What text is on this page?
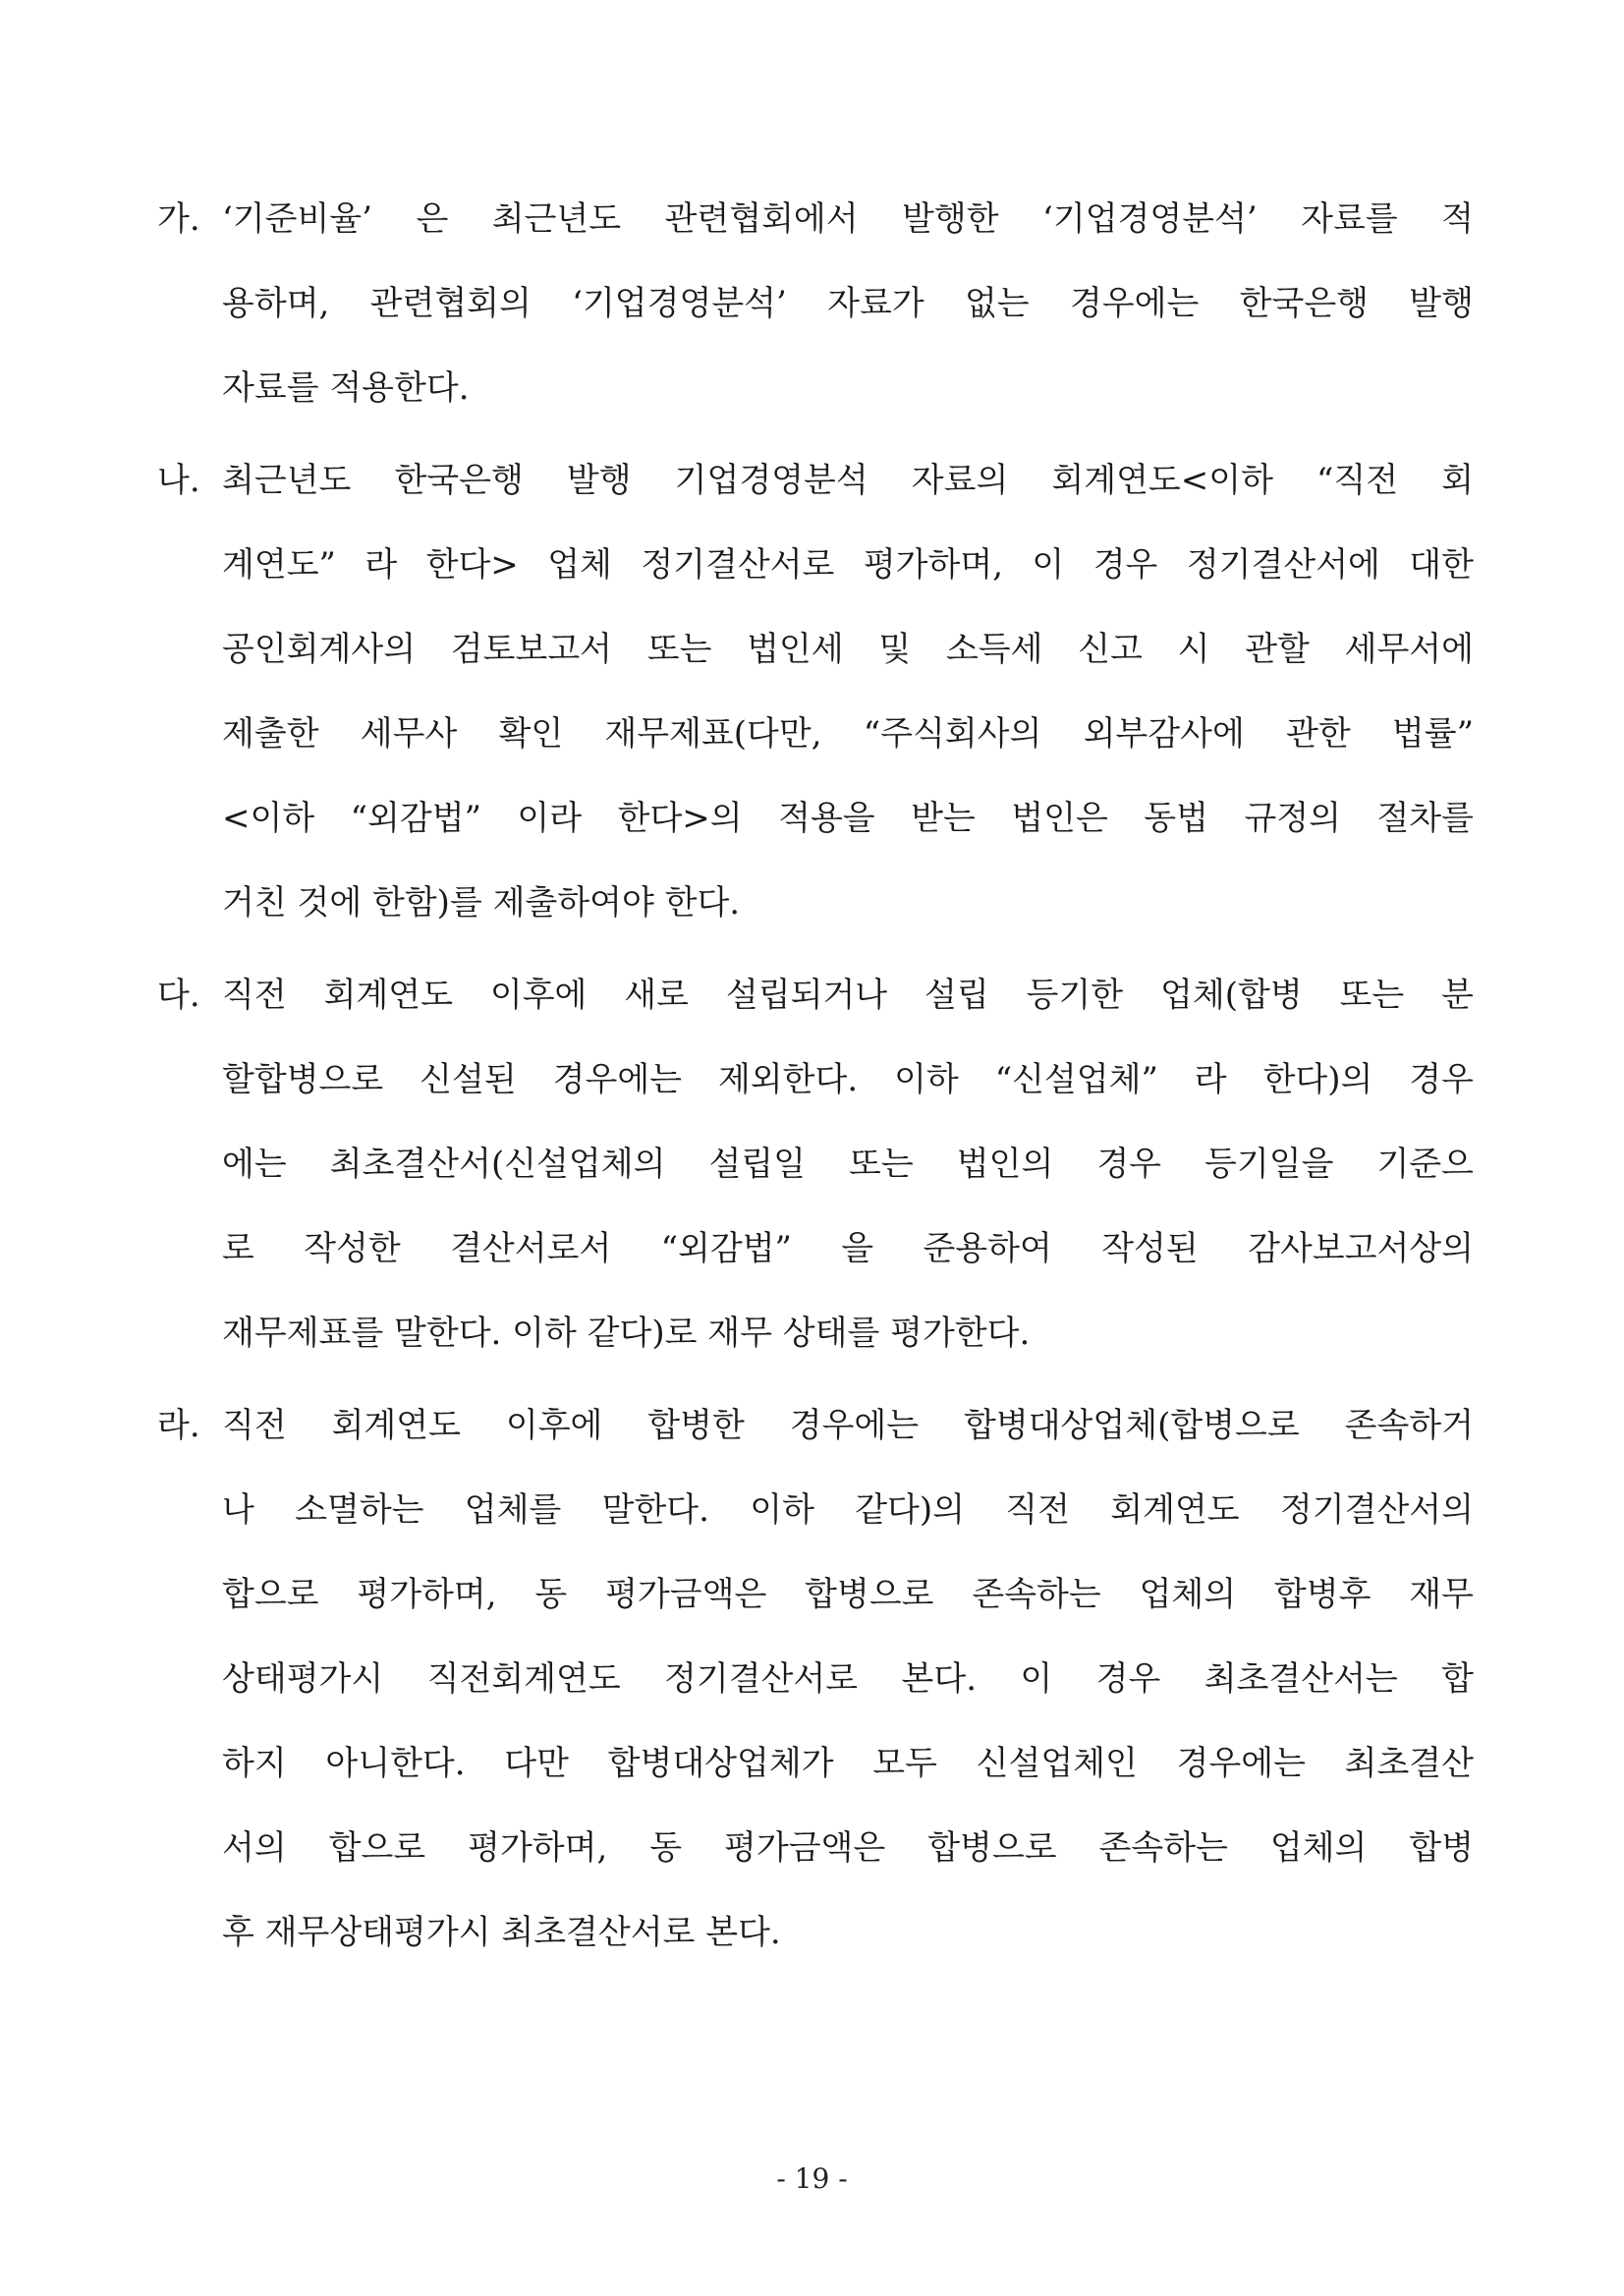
가. ‘기준비율’ 은 최근년도 관련협회에서 발행한 ‘기업경영분석’ 자료를 적
용하며, 관련협회의 ‘기업경영분석’ 자료가 없는 경우에는 한국은행 발행
자료를 적용한다.
나. 최근년도 한국은행 발행 기업경영분석 자료의 회계연도<이하 “직전 회
계연도” 라 한다> 업체 정기결산서로 평가하며, 이 경우 정기결산서에 대한
공인회계사의 검토보고서 또는 법인세 및 소득세 신고 시 관할 세무서에
제출한 세무사 확인 재무제표(다만, “주식회사의 외부감사에 관한 법률”
<이하 “외감법” 이라 한다>의 적용을 받는 법인은 동법 규정의 절차를
거친 것에 한함)를 제출하여야 한다.
다. 직전 회계연도 이후에 새로 설립되거나 설립 등기한 업체(합병 또는 분
할합병으로 신설된 경우에는 제외한다. 이하 “신설업체” 라 한다)의 경우
에는 최초결산서(신설업체의 설립일 또는 법인의 경우 등기일을 기준으
로 작성한 결산서로서 “외감법” 을 준용하여 작성된 감사보고서상의
재무제표를 말한다. 이하 같다)로 재무 상태를 평가한다.
라. 직전 회계연도 이후에 합병한 경우에는 합병대상업체(합병으로 존속하거
나 소멸하는 업체를 말한다. 이하 같다)의 직전 회계연도 정기결산서의
합으로 평가하며, 동 평가금액은 합병으로 존속하는 업체의 합병후 재무
상태평가시 직전회계연도 정기결산서로 본다. 이 경우 최초결산서는 합
하지 아니한다. 다만 합병대상업체가 모두 신설업체인 경우에는 최초결산
서의 합으로 평가하며, 동 평가금액은 합병으로 존속하는 업체의 합병
후 재무상태평가시 최초결산서로 본다.
- 19 -
